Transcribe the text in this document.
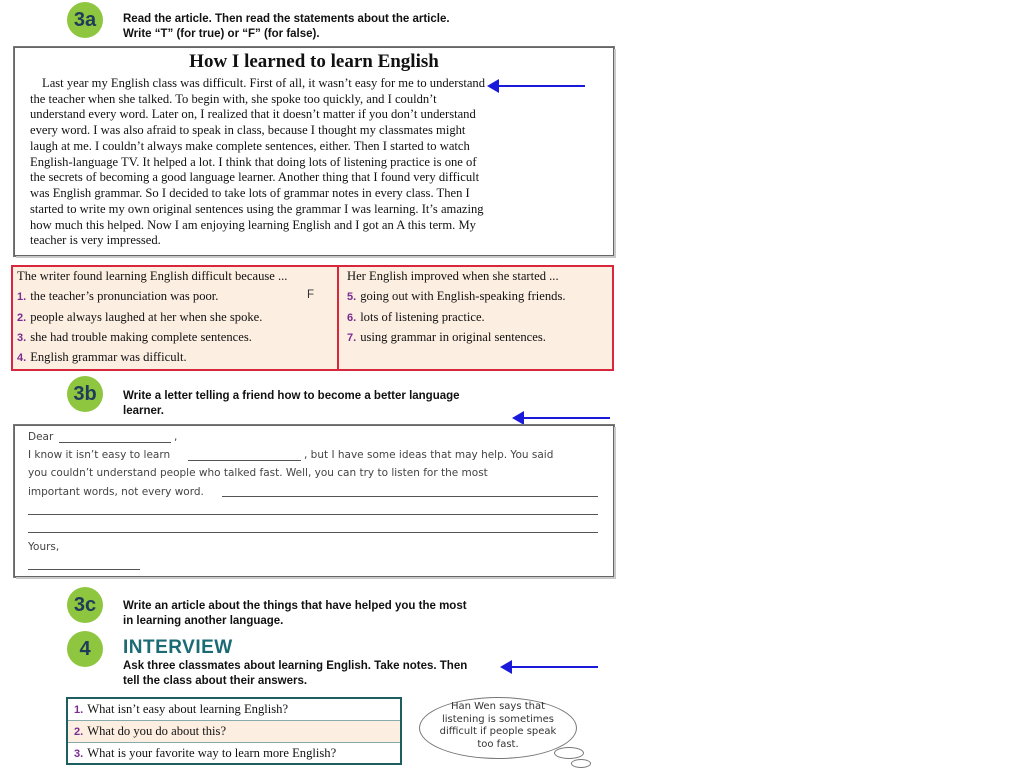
3a	Read the article. Then read the statements about the article.
Write “T” (for true) or “F” (for false).
How I learned to learn English
Last year my English class was difficult. First of all, it wasn’t easy for me to understand
the teacher when she talked. To begin with, she spoke too quickly, and I couldn’t
understand every word. Later on, I realized that it doesn’t matter if you don’t understand
every word. I was also afraid to speak in class, because I thought my classmates might
laugh at me. I couldn’t always make complete sentences, either. Then I started to watch
English-language TV. It helped a lot. I think that doing lots of listening practice is one of
the secrets of becoming a good language learner. Another thing that I found very difficult
was English grammar. So I decided to take lots of grammar notes in every class. Then I
started to write my own original sentences using the grammar I was learning. It’s amazing
how much this helped. Now I am enjoying learning English and I got an A this term. My
teacher is very impressed.
The writer found learning English difficult because ...
1. the teacher’s pronunciation was poor.	F
2. people always laughed at her when she spoke.
3. she had trouble making complete sentences.
4. English grammar was difficult.
Her English improved when she started ...
5. going out with English-speaking friends.
6. lots of listening practice.
7. using grammar in original sentences.
3b	Write a letter telling a friend how to become a better language
learner.
Dear	,
I know it isn’t easy to learn	, but I have some ideas that may help. You said
you couldn’t understand people who talked fast. Well, you can try to listen for the most
important words, not every word.
Yours,
3c	Write an article about the things that have helped you the most
in learning another language.
4	INTERVIEW
Ask three classmates about learning English. Take notes. Then
tell the class about their answers.
1. What isn’t easy about learning English?
2. What do you do about this?
3. What is your favorite way to learn more English?
Han Wen says that
listening is sometimes
difficult if people speak
too fast.
